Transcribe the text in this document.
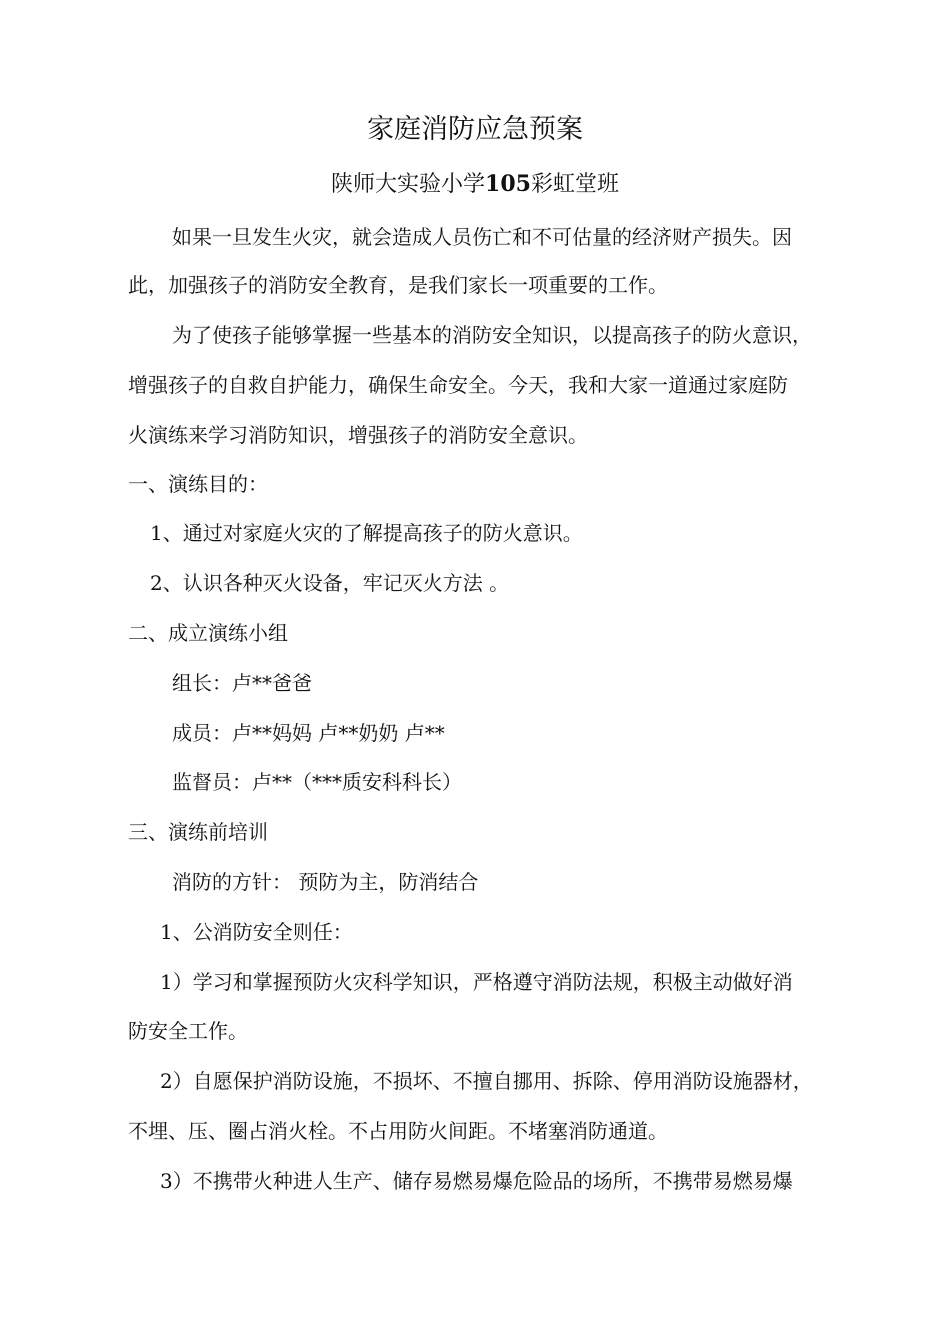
家庭消防应急预案
陕师大实验小学105彩虹堂班
如果一旦发生火灾，就会造成人员伤亡和不可估量的经济财产损失。因
此，加强孩子的消防安全教育，是我们家长一项重要的工作。
为了使孩子能够掌握一些基本的消防安全知识，以提高孩子的防火意识，
增强孩子的自救自护能力，确保生命安全。今天，我和大家一道通过家庭防
火演练来学习消防知识，增强孩子的消防安全意识。
一、演练目的：
1、通过对家庭火灾的了解提高孩子的防火意识。
2、认识各种灭火设备，牢记灭火方法 。
二、成立演练小组
组长：卢**爸爸
成员：卢**妈妈 卢**奶奶 卢**
监督员：卢**（***质安科科长）
三、演练前培训
消防的方针： 预防为主，防消结合
1、公消防安全则任：
1）学习和掌握预防火灾科学知识，严格遵守消防法规，积极主动做好消
防安全工作。
2）自愿保护消防设施，不损坏、不擅自挪用、拆除、停用消防设施器材，
不埋、压、圈占消火栓。不占用防火间距。不堵塞消防通道。
3）不携带火种进人生产、储存易燃易爆危险品的场所，不携带易燃易爆
